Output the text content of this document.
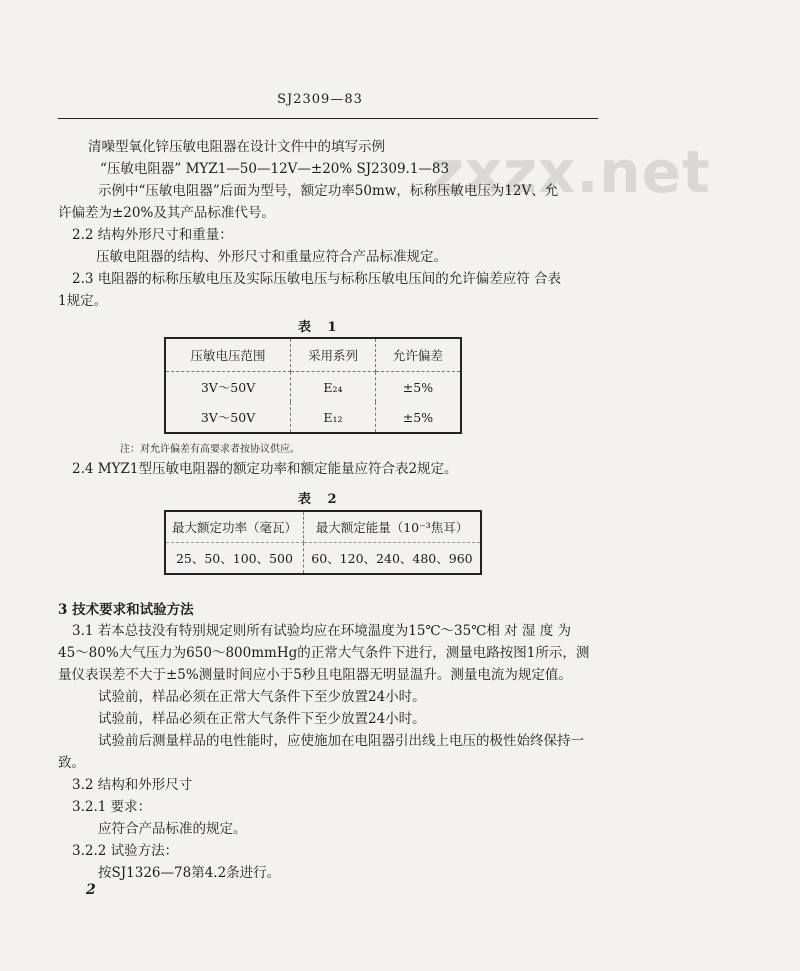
SJ2309—83
zxzx.net
清噪型氧化锌压敏电阻器在设计文件中的填写示例
“压敏电阻器” MYZ1—50—12V—±20% SJ2309.1—83
示例中“压敏电阻器”后面为型号，额定功率50mw，标称压敏电压为12V、允
许偏差为±20%及其产品标准代号。
2.2 结构外形尺寸和重量：
压敏电阻器的结构、外形尺寸和重量应符合产品标准规定。
2.3 电阻器的标称压敏电压及实际压敏电压与标称压敏电压间的允许偏差应符 合表
1规定。
表 1
压敏电压范围	采用系列	允许偏差
3V～50V	E₂₄	±5%
3V～50V	E₁₂	±5%
注：对允许偏差有高要求者按协议供应。
2.4 MYZ1型压敏电阻器的额定功率和额定能量应符合表2规定。
表 2
最大额定功率（毫瓦）	最大额定能量（10⁻³焦耳）
25、50、100、500	60、120、240、480、960
3 技术要求和试验方法
3.1 若本总技没有特别规定则所有试验均应在环境温度为15℃～35℃相 对 湿 度 为
45～80%大气压力为650～800mmHg的正常大气条件下进行，测量电路按图1所示，测
量仪表误差不大于±5%测量时间应小于5秒且电阻器无明显温升。测量电流为规定值。
试验前，样品必须在正常大气条件下至少放置24小时。
试验前，样品必须在正常大气条件下至少放置24小时。
试验前后测量样品的电性能时，应使施加在电阻器引出线上电压的极性始终保持一
致。
3.2 结构和外形尺寸
3.2.1 要求：
应符合产品标准的规定。
3.2.2 试验方法：
按SJ1326—78第4.2条进行。
2
